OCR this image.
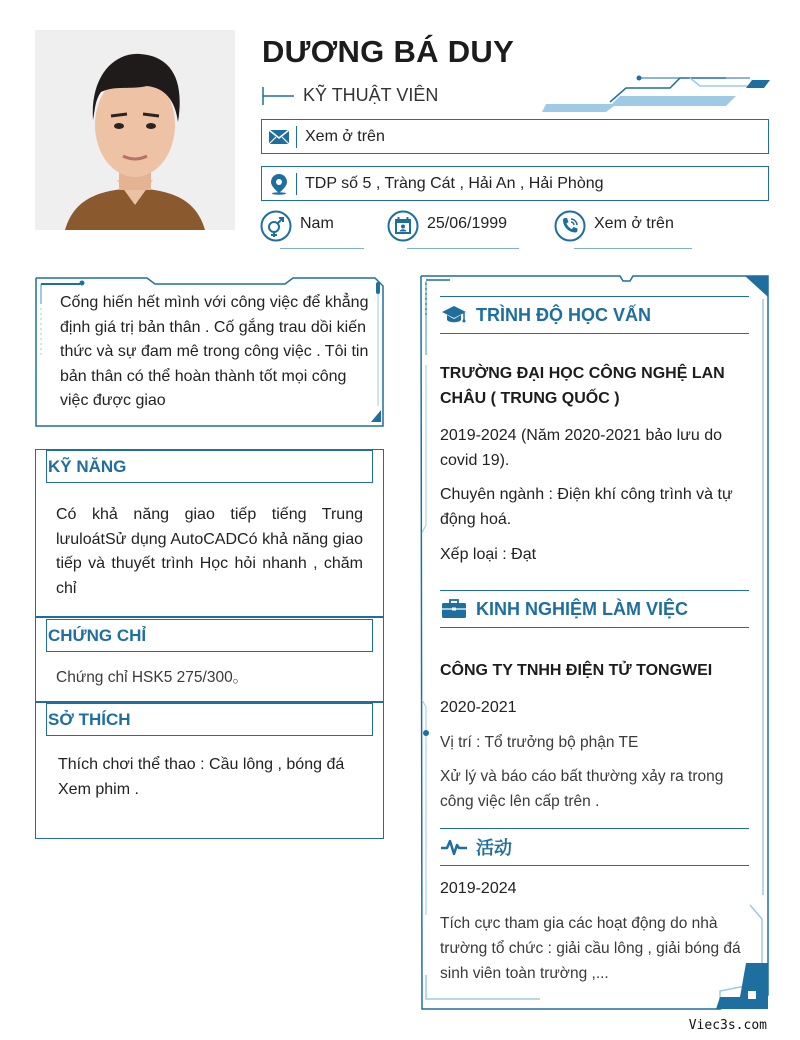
DƯƠNG BÁ DUY
KỸ THUẬT VIÊN
Xem ở trên
TDP số 5 , Tràng Cát , Hải An , Hải Phòng
Nam	25/06/1999	Xem ở trên
Cống hiến hết mình với công việc để khẳng định giá trị bản thân . Cố gắng trau dồi kiến thức và sự đam mê trong công việc . Tôi tin bản thân có thể hoàn thành tốt mọi công việc được giao
KỸ NĂNG
Có khả năng giao tiếp tiếng Trung lưuloátSử dụng AutoCADCó khả năng giao tiếp và thuyết trình Học hỏi nhanh , chăm chỉ
CHỨNG CHỈ
Chứng chỉ HSK5 275/300。
SỞ THÍCH
Thích chơi thể thao : Cầu lông , bóng đá
Xem phim .
TRÌNH ĐỘ HỌC VẤN
TRƯỜNG ĐẠI HỌC CÔNG NGHỆ LAN CHÂU ( TRUNG QUỐC )
2019-2024 (Năm 2020-2021 bảo lưu do covid 19).
Chuyên ngành : Điện khí công trình và tự động hoá.
Xếp loại : Đạt
KINH NGHIỆM LÀM VIỆC
CÔNG TY TNHH ĐIỆN TỬ TONGWEI
2020-2021
Vị trí : Tổ trưởng bộ phận TE
Xử lý và báo cáo bất thường xảy ra trong công việc lên cấp trên .
活动
2019-2024
Tích cực tham gia các hoạt động do nhà trường tổ chức : giải cầu lông , giải bóng đá sinh viên toàn trường ,...
Viec3s.com
